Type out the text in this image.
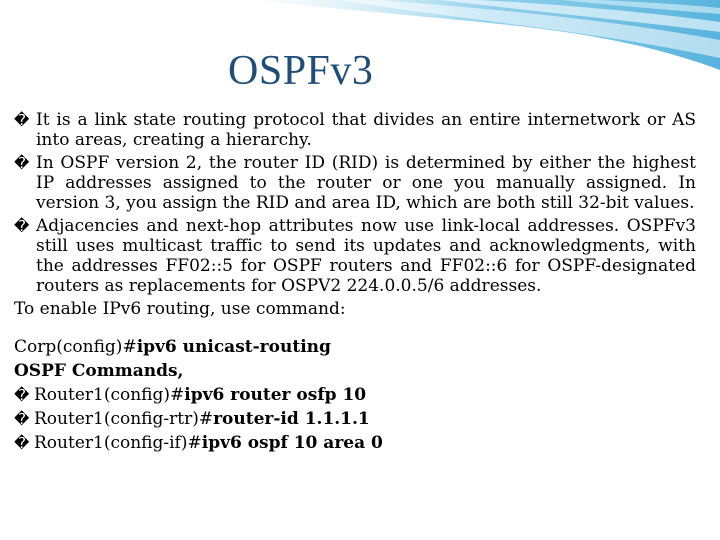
OSPFv3

� It is a link state routing protocol that divides an entire internetwork or AS into areas, creating a hierarchy.

� In OSPF version 2, the router ID (RID) is determined by either the highest IP addresses assigned to the router or one you manually assigned. In version 3, you assign the RID and area ID, which are both still 32-bit values.

� Adjacencies and next-hop attributes now use link-local addresses. OSPFv3 still uses multicast traffic to send its updates and acknowledgments, with the addresses FF02::5 for OSPF routers and FF02::6 for OSPF-designated routers as replacements for OSPV2 224.0.0.5/6 addresses.

To enable IPv6 routing, use command:

Corp(config)#ipv6 unicast-routing

OSPF Commands,

� Router1(config)#ipv6 router osfp 10

� Router1(config-rtr)#router-id 1.1.1.1

� Router1(config-if)#ipv6 ospf 10 area 0
